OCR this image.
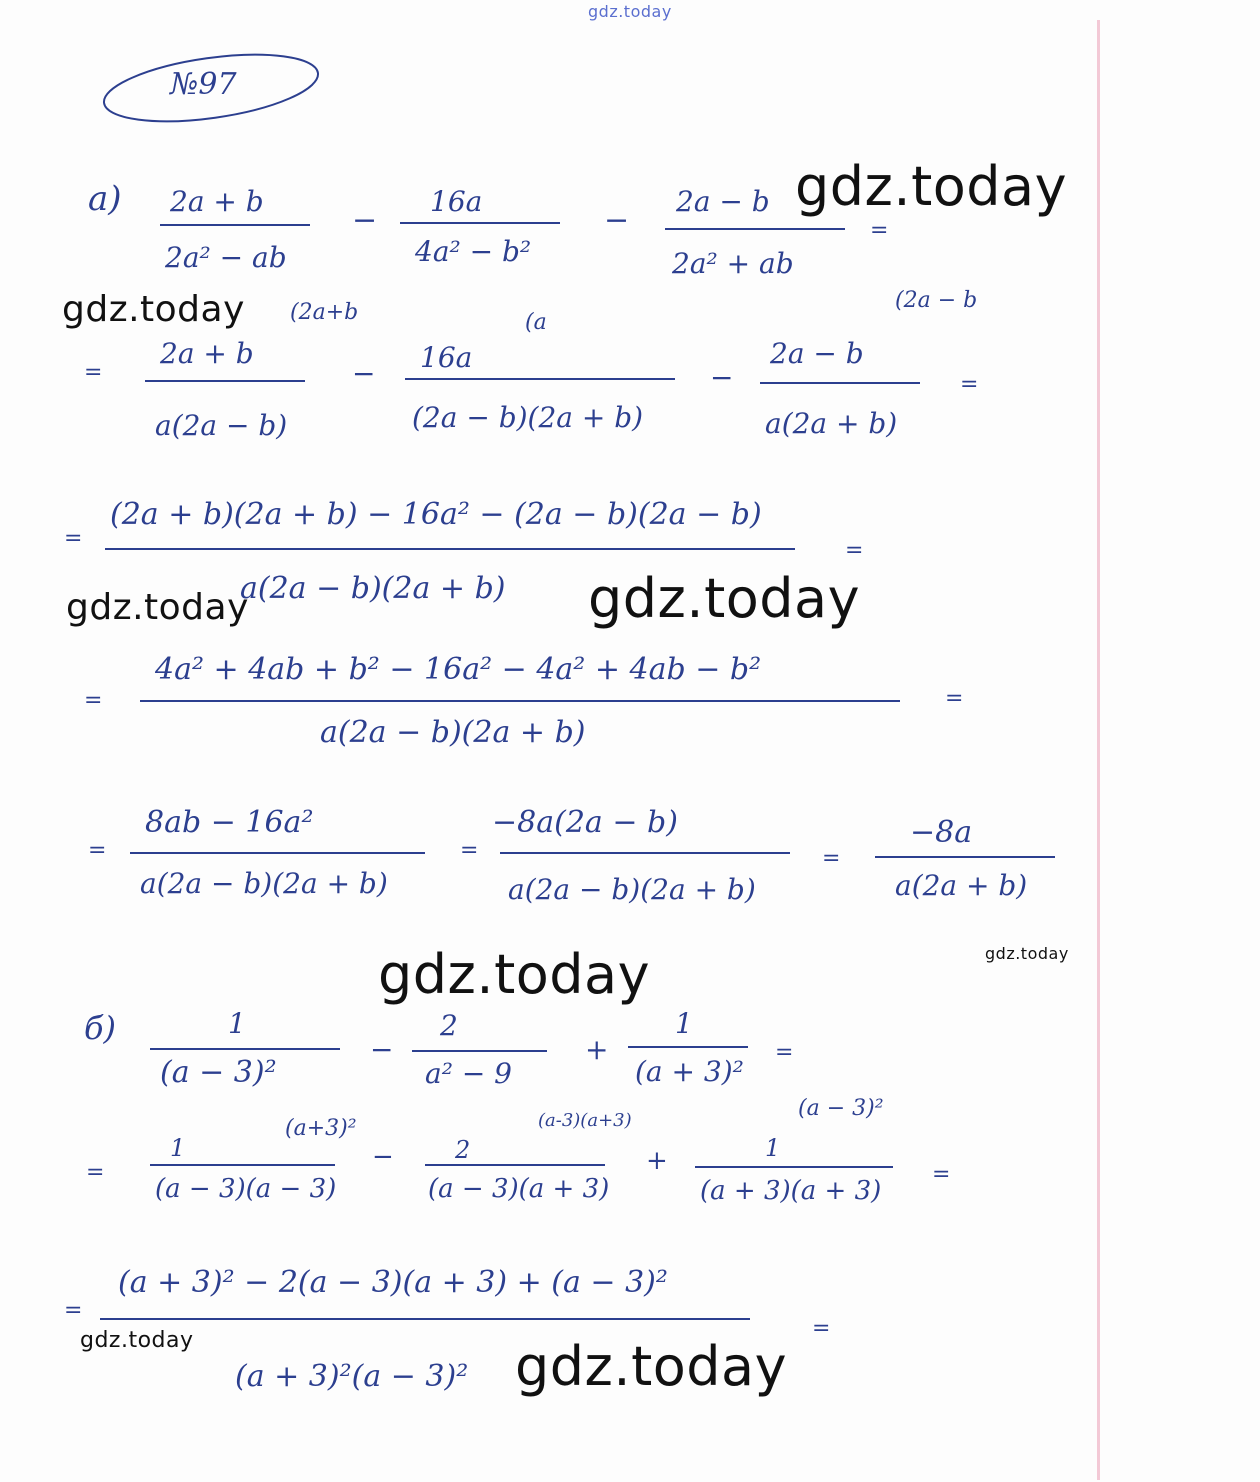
gdz.today
№97
а) 2a + b
2a² − ab
−
16a
4a² − b²
−
2a − b
2a² + ab
=
gdz.today
gdz.today (2a+b	(a
(2a − b
=
2a + b
a(2a − b)
− 16a
(2a − b)(2a + b)
−
2a − b
a(2a + b)
=
=
(2a + b)(2a + b) − 16a² − (2a − b)(2a − b)
a(2a − b)(2a + b)
=
gdz.today	gdz.today
=
4a² + 4ab + b² − 16a² − 4a² + 4ab − b²
a(2a − b)(2a + b)
=
=
8ab − 16a²
a(2a − b)(2a + b)
=
−8a(2a − b)
a(2a − b)(2a + b)
=
−8a
a(2a + b)
gdz.today
gdz.today
б)	1
(a − 3)²
−
2
a² − 9
+
1
(a + 3)²
=
(a+3)²	(a-3)(a+3)	(a − 3)²
=
1
(a − 3)(a − 3)
−	2
(a − 3)(a + 3)
+	1
(a + 3)(a + 3)
=
=
(a + 3)² − 2(a − 3)(a + 3) + (a − 3)²
(a + 3)²(a − 3)²
=
gdz.today	gdz.today
